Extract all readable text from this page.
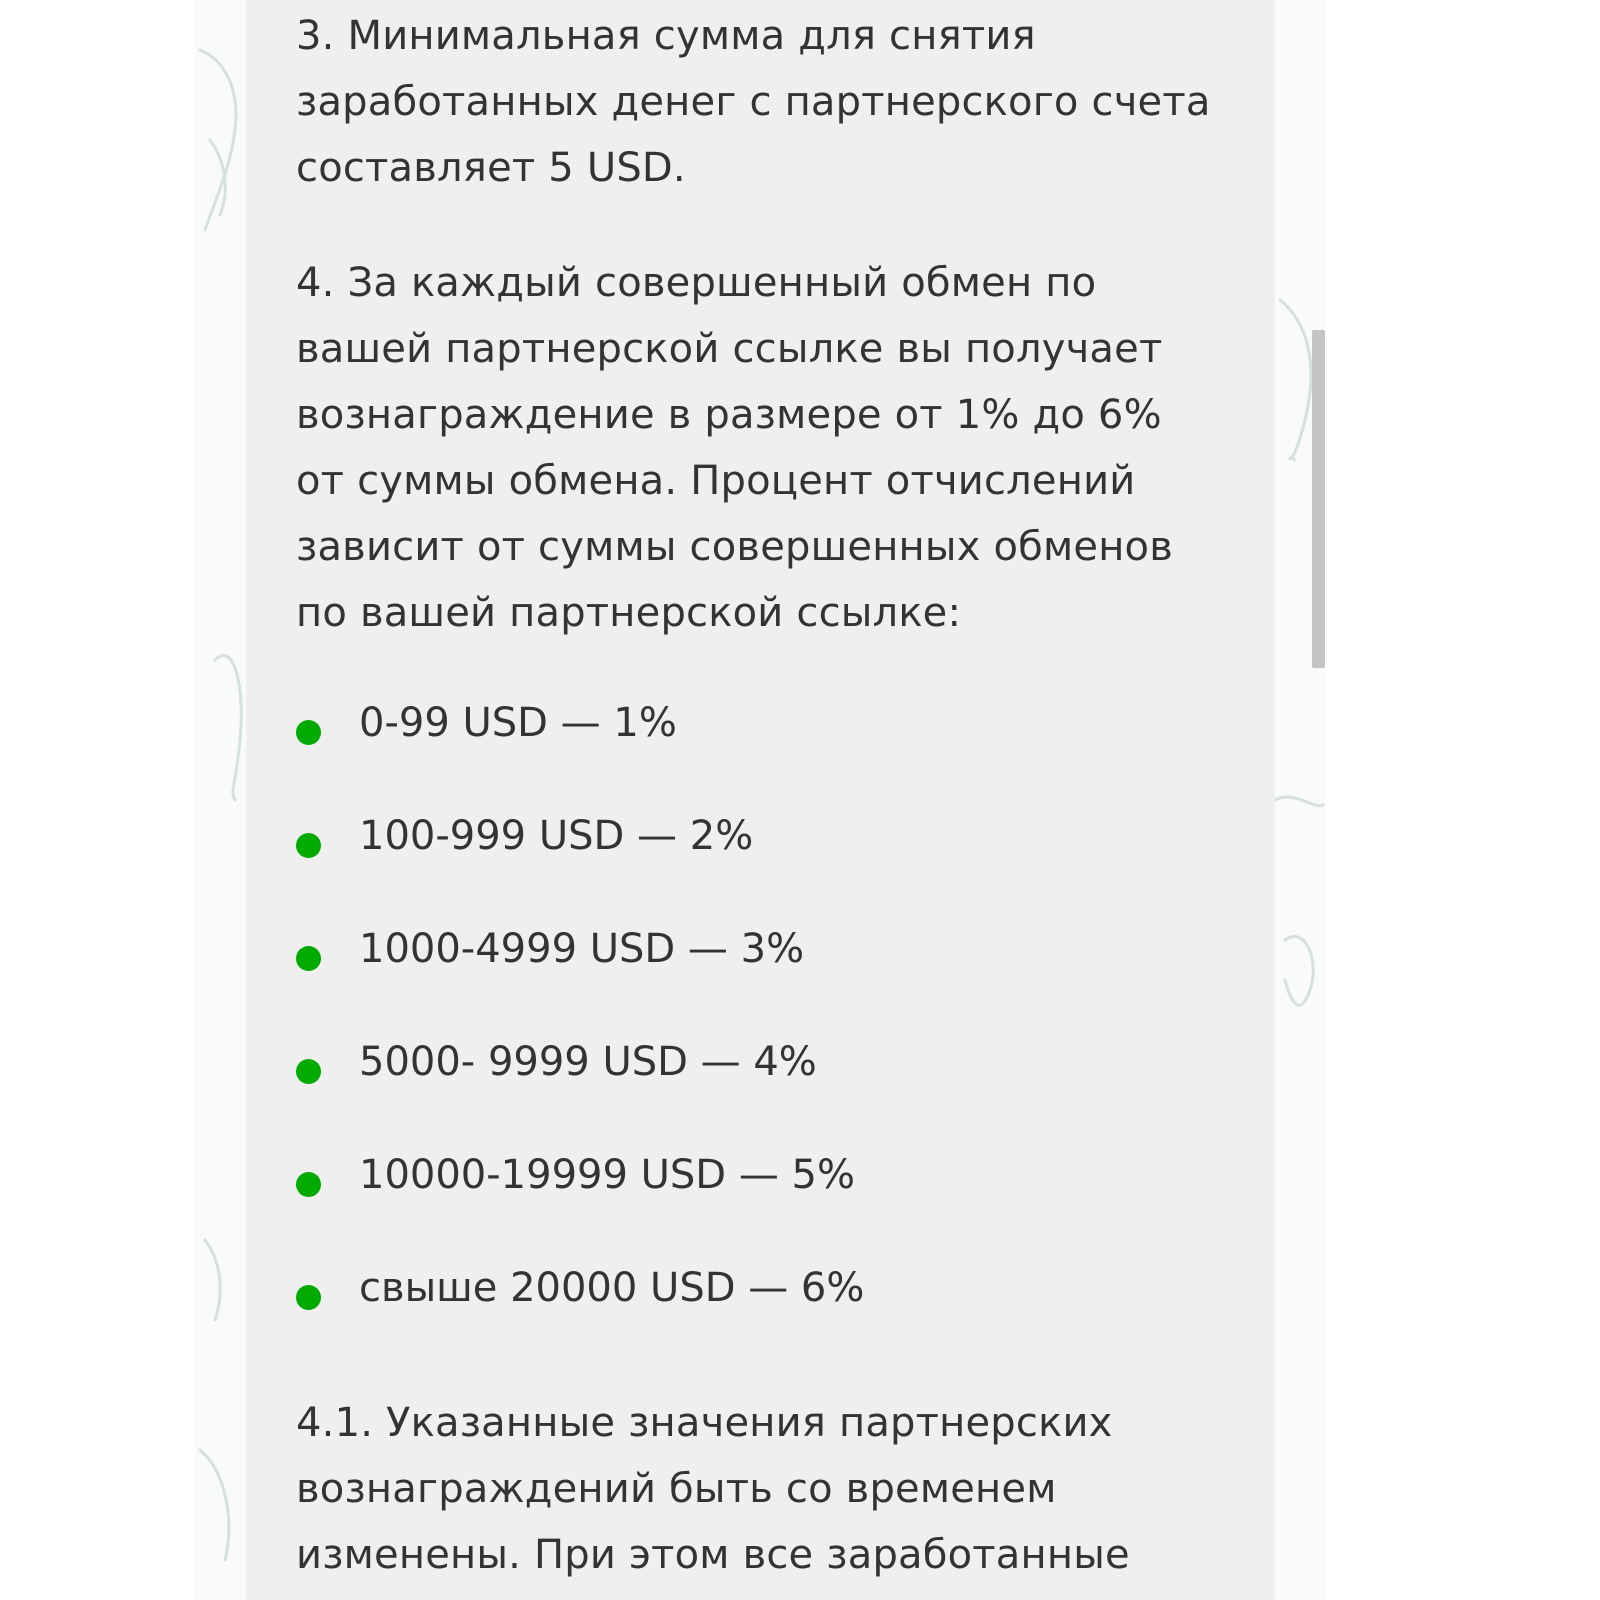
3. Минимальная сумма для снятия заработанных денег с партнерского счета составляет 5 USD.

4. За каждый совершенный обмен по вашей партнерской ссылке вы получает вознаграждение в размере от 1% до 6% от суммы обмена. Процент отчислений зависит от суммы совершенных обменов по вашей партнерской ссылке:

0-99 USD — 1%
100-999 USD — 2%
1000-4999 USD — 3%
5000- 9999 USD — 4%
10000-19999 USD — 5%
свыше 20000 USD — 6%

4.1. Указанные значения партнерских вознаграждений быть со временем изменены. При этом все заработанные
